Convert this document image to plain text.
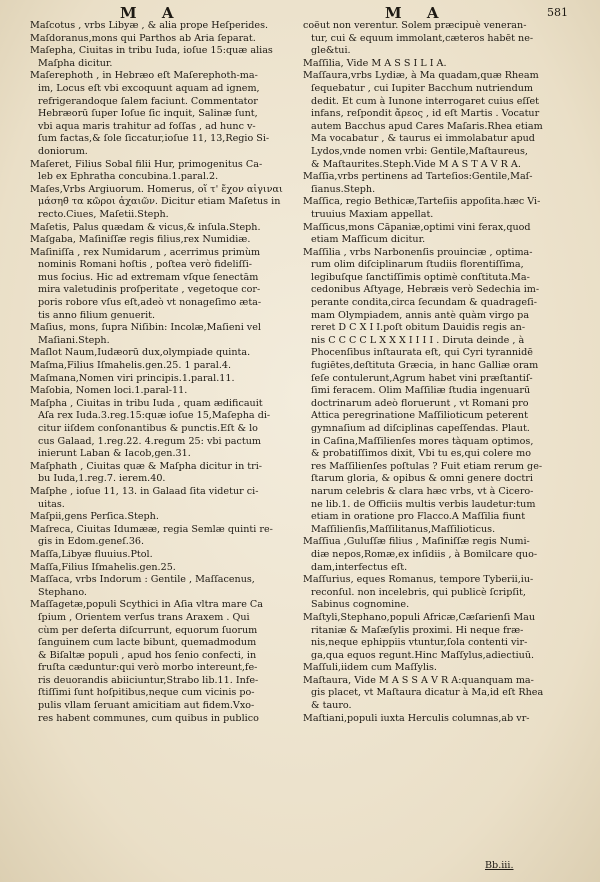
M A	M A	581

Maſcotus , vrbs Libyæ , & alia prope Heſperides.

Maſdoranus,mons qui Parthos ab Aria ſeparat.

Maſepha, Ciuitas in tribu Iuda, ioſue 15:quæ alias
Maſpha dicitur.

Maſerephoth , in Hebræo eſt Maſerephoth-ma-
im, Locus eſt vbi excoquunt aquam ad ignem,
refrigerandoque ſalem faciunt. Commentator
Hebræorū ſuper Ioſue ſic inquit, Salinæ ſunt,
vbi aqua maris trahitur ad foſſas , ad hunc v-
ſum factas,& ſole ſiccatur,ioſue 11, 13,Regio Si-
doniorum.

Maſeret, Filius Sobal filii Hur, primogenitus Ca-
leb ex Ephratha concubina.1.paral.2.

Maſes,Vrbs Argiuorum. Homerus, οἵ τ' ἔχον αἰγιναι
μάσηθ̄ τα κῶροι ἀχαιῶν. Dicitur etiam Maſetus in
recto.Ciues, Maſetii.Steph.

Maſetis, Palus quædam & vicus,& inſula.Steph.

Maſgaba, Maſiniſſæ regis filius,rex Numidiæ.

Maſiniſſa , rex Numidarum , acerrimus primùm
nominis Romani hoſtis , poſtea verò fideliſſi-
mus ſocius. Hic ad extremam vſque ſenectām
mira valetudinis proſperitate , vegetoque cor-
poris robore vſus eſt,adeò vt nonageſimo æta-
tis anno filium genuerit.

Maſius, mons, ſupra Niſibin: Incolæ,Maſieni vel
Maſiani.Steph.

Maſlot Naum,Iudæorū dux,olympiade quinta.

Maſma,Filius Iſmahelis.gen.25. 1 paral.4.

Maſmana,Nomen viri principis.1.paral.11.

Maſobia, Nomen loci.1.paral-11.

Maſpha , Ciuitas in tribu Iuda , quam ædificauit
Aſa rex Iuda.3.reg.15:quæ ioſue 15,Maſepha di-
citur iiſdem conſonantibus & punctis.Eſt & lo
cus Galaad, 1.reg.22. 4.regum 25: vbi pactum
inierunt Laban & Iacob,gen.31.

Maſphath , Ciuitas quæ & Maſpha dicitur in tri-
bu Iuda,1.reg.7. ierem.40.

Maſphe , ioſue 11, 13. in Galaad ſita videtur ci-
uitas.

Maſpii,gens Perſica.Steph.

Maſreca, Ciuitas Idumææ, regia Semlæ quinti re-
gis in Edom.geneſ.36.

Maſſa,Libyæ fluuius.Ptol.

Maſſa,Filius Iſmahelis.gen.25.

Maſſaca, vrbs Indorum : Gentile , Maſſacenus,
Stephano.

Maſſagetæ,populi Scythici in Aſia vltra mare Ca
ſpium , Orientem verſus trans Araxem . Qui
cùm per deſerta diſcurrunt, equorum ſuorum
ſanguinem cum lacte bibunt, quemadmodum
& Biſaltæ populi , apud hos ſenio confecti, in
fruſta cæduntur:qui verò morbo intereunt,fe-
ris deuorandis abiiciuntur,Strabo lib.11. Infe-
ſtiſſimi ſunt hoſpitibus,neque cum vicinis po-
pulis vllam ſeruant amicitiam aut fidem.Vxo-
res habent communes, cum quibus in publico

coëut non verentur. Solem præcipuè veneran-
tur, cui & equum immolant,cæteros habēt ne-
gle&tui.

Maſſilia, Vide M A S S I L I A.

Maſſaura,vrbs Lydiæ, à Ma quadam,quæ Rheam
ſequebatur , cui Iupiter Bacchum nutriendum
dedit. Et cum à Iunone interrogaret cuius eſſet
infans, reſpondit ἄρεος , id eſt Martis . Vocatur
autem Bacchus apud Cares Maſaris.Rhea etiam
Ma vocabatur , & taurus ei immolabatur apud
Lydos,vnde nomen vrbi: Gentile,Maſtaureus,
& Maſtaurites.Steph.Vide M A S T A V R A.

Maſſia,vrbs pertinens ad Tarteſios:Gentile,Maſ-
ſianus.Steph.

Maſſica, regio Bethicæ,Tarteſiis appoſita.hæc Vi-
truuius Maxiam appellat.

Maſſicus,mons Cāpaniæ,optimi vini ferax,quod
etiam Maſſicum dicitur.

Maſſilia , vrbs Narbonenſis prouinciæ , optima-
rum olim diſciplinarum ſtudiis florentiſſima,
legibuſque ſanctiſſimis optimè conſtituta.Ma-
cedonibus Aſtyage, Hebræis verò Sedechia im-
perante condita,circa ſecundam & quadrageſi-
mam Olympiadem, annis antè quàm virgo pa
reret D C X I I.poſt obitum Dauidis regis an-
nis C C C C L X X X I I I I . Diruta deinde , à
Phocenſibus inſtaurata eſt, qui Cyri tyrannidē
fugiētes,deſtituta Græcia, in hanc Galliæ oram
ſeſe contulerunt,Agrum habet vini præſtantiſ-
ſimi feracem. Olim Maſſiliæ ſtudia ingenuarū
doctrinarum adeò floruerunt , vt Romani pro
Attica peregrinatione Maſſilioticum peterent
gymnaſium ad diſciplinas capeſſendas. Plaut.
in Caſina,Maſſilienſes mores tàquam optimos,
& probatiſſimos dixit, Vbi tu es,qui colere mo
res Maſſilienſes poſtulas ? Fuit etiam rerum ge-
ſtarum gloria, & opibus & omni genere doctri
narum celebris & clara hæc vrbs, vt à Cicero-
ne lib.1. de Officiis multis verbis laudetur:tum
etiam in oratione pro Flacco.A Maſſilia fiunt
Maſſilienſis,Maſſilitanus,Maſſilioticus.

Maſſiua ,Guluſſæ filius , Maſiniſſæ regis Numi-
diæ nepos,Romæ,ex inſidiis , à Bomilcare quo-
dam,interfectus eſt.

Maſſurius, eques Romanus, tempore Tyberii,iu-
reconſul. non incelebris, qui publicè ſcripſit,
Sabinus cognomine.

Maſtyli,Stephano,populi Africæ,Cæſarienſi Mau
ritaniæ & Maſæſylis proximi. Hi neque fræ-
nis,neque ephippiis vtuntur,ſola contenti vir-
ga,qua equos regunt.Hinc Maſſylus,adiectiuū.

Maſſuli,iidem cum Maſſylis.

Maſtaura, Vide M A S S A V R A:quanquam ma-
gis placet, vt Maſtaura dicatur à Ma,id eſt Rhea
& tauro.

Maſtiani,populi iuxta Herculis columnas,ab vr-

Bb.iii.
